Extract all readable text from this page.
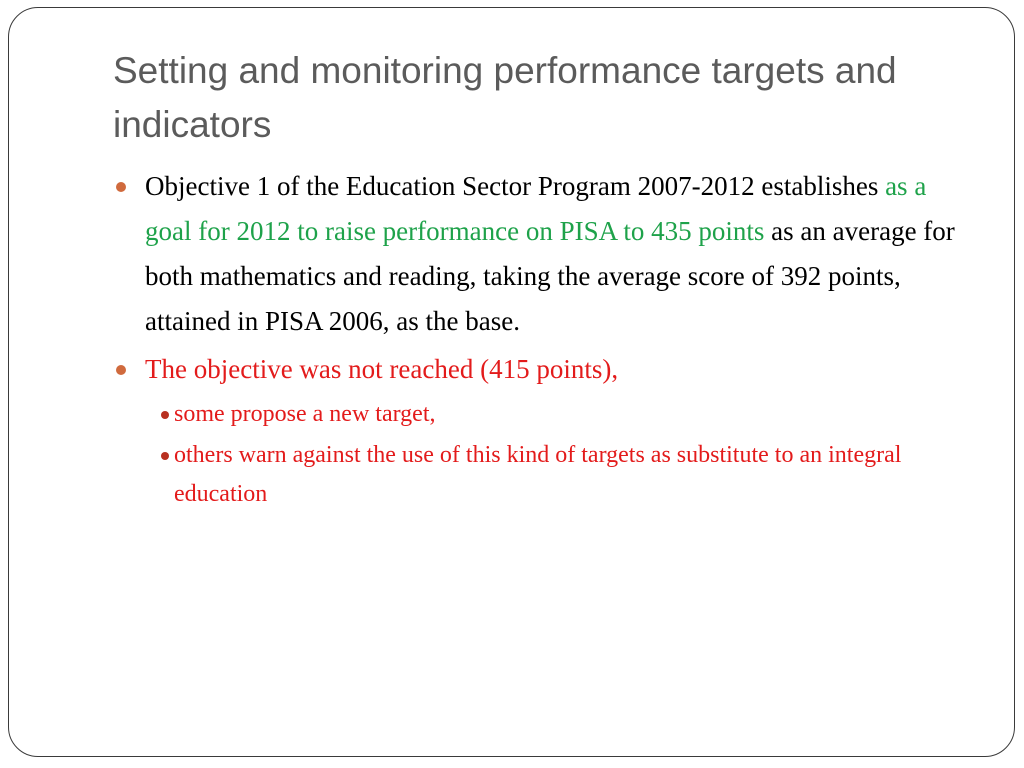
Setting and monitoring performance targets and indicators
Objective 1 of the Education Sector Program 2007-2012 establishes as a goal for 2012 to raise performance on PISA to 435 points as an average for both mathematics and reading, taking the average score of 392 points, attained in PISA 2006, as the base.
The objective was not reached (415 points),
some propose a new target,
others warn against the use of this kind of targets as substitute to an integral education
